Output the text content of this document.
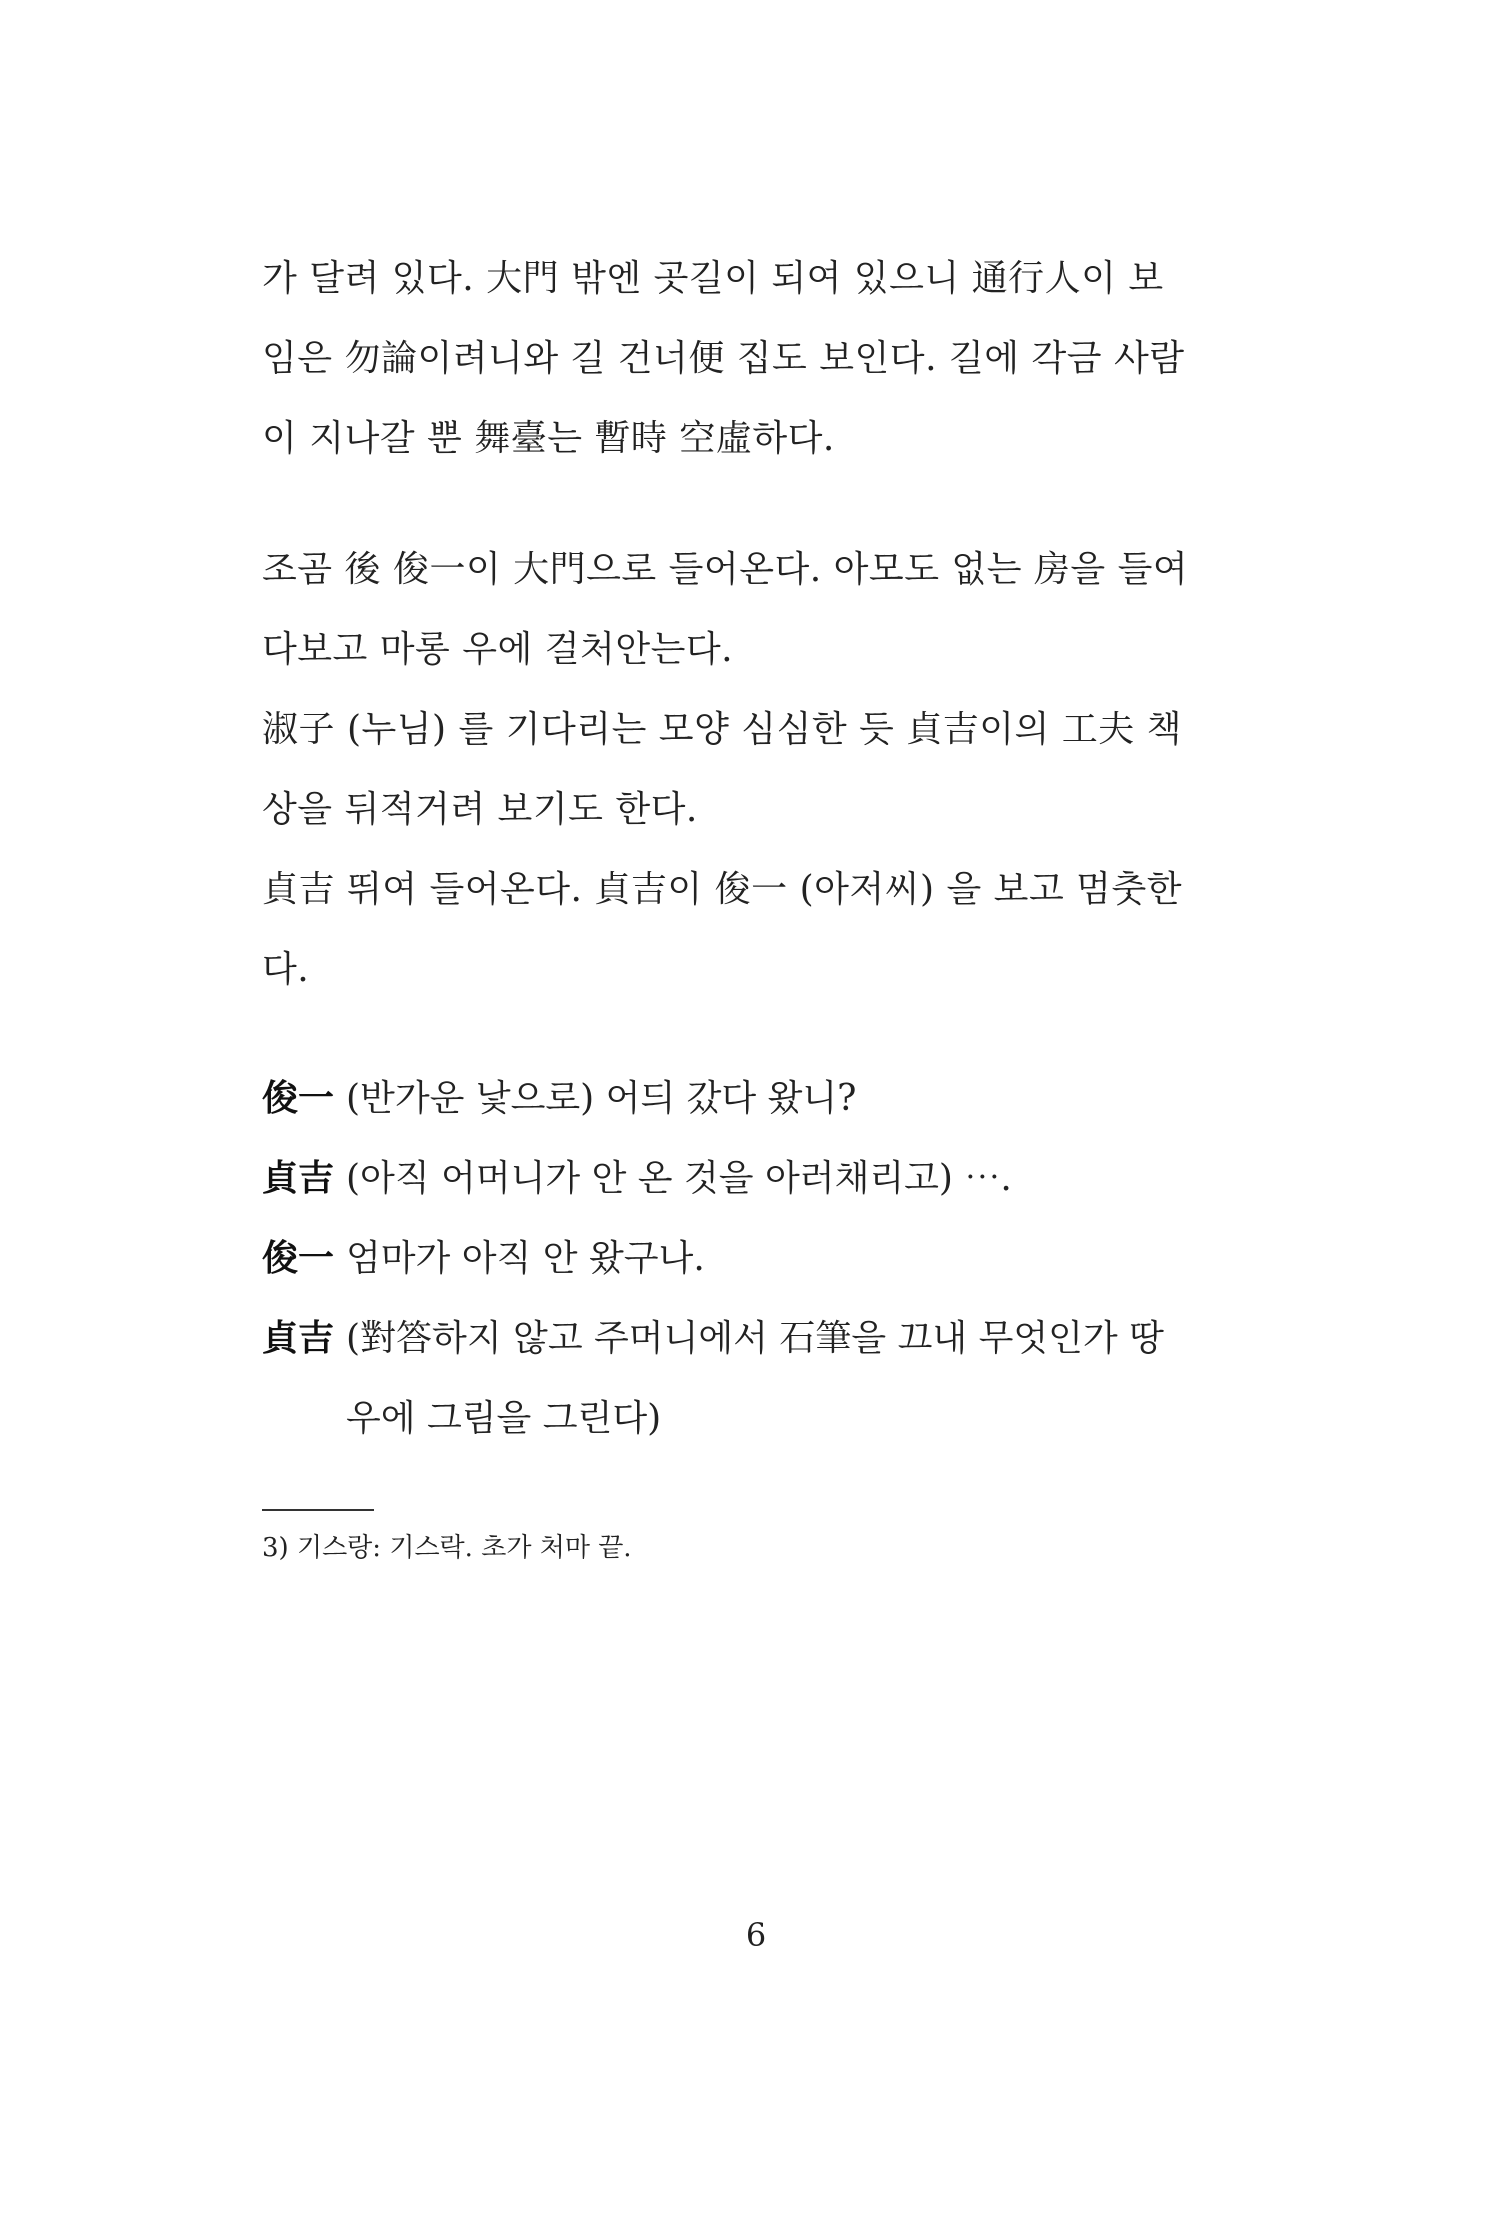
가 달려 있다. 大門 밖엔 곳길이 되여 있으니 通行人이 보
임은 勿論이려니와 길 건너便 집도 보인다. 길에 각금 사람
이 지나갈 뿐 舞臺는 暫時 空虛하다.
조곰 後 俊一이 大門으로 들어온다. 아모도 없는 房을 들여
다보고 마롱 우에 걸처안는다.
淑子 (누님) 를 기다리는 모양 심심한 듯 貞吉이의 工夫 책
상을 뒤적거려 보기도 한다.
貞吉 뛰여 들어온다. 貞吉이 俊一 (아저씨) 을 보고 멈춧한
다.
俊一 (반가운 낯으로) 어듸 갔다 왔니?
貞吉 (아직 어머니가 안 온 것을 아러채리고) ⋯.
俊一 엄마가 아직 안 왔구나.
貞吉 (對答하지 않고 주머니에서 石筆을 끄내 무엇인가 땅
우에 그림을 그린다)
3) 기스랑: 기스락. 초가 처마 끝.
6
